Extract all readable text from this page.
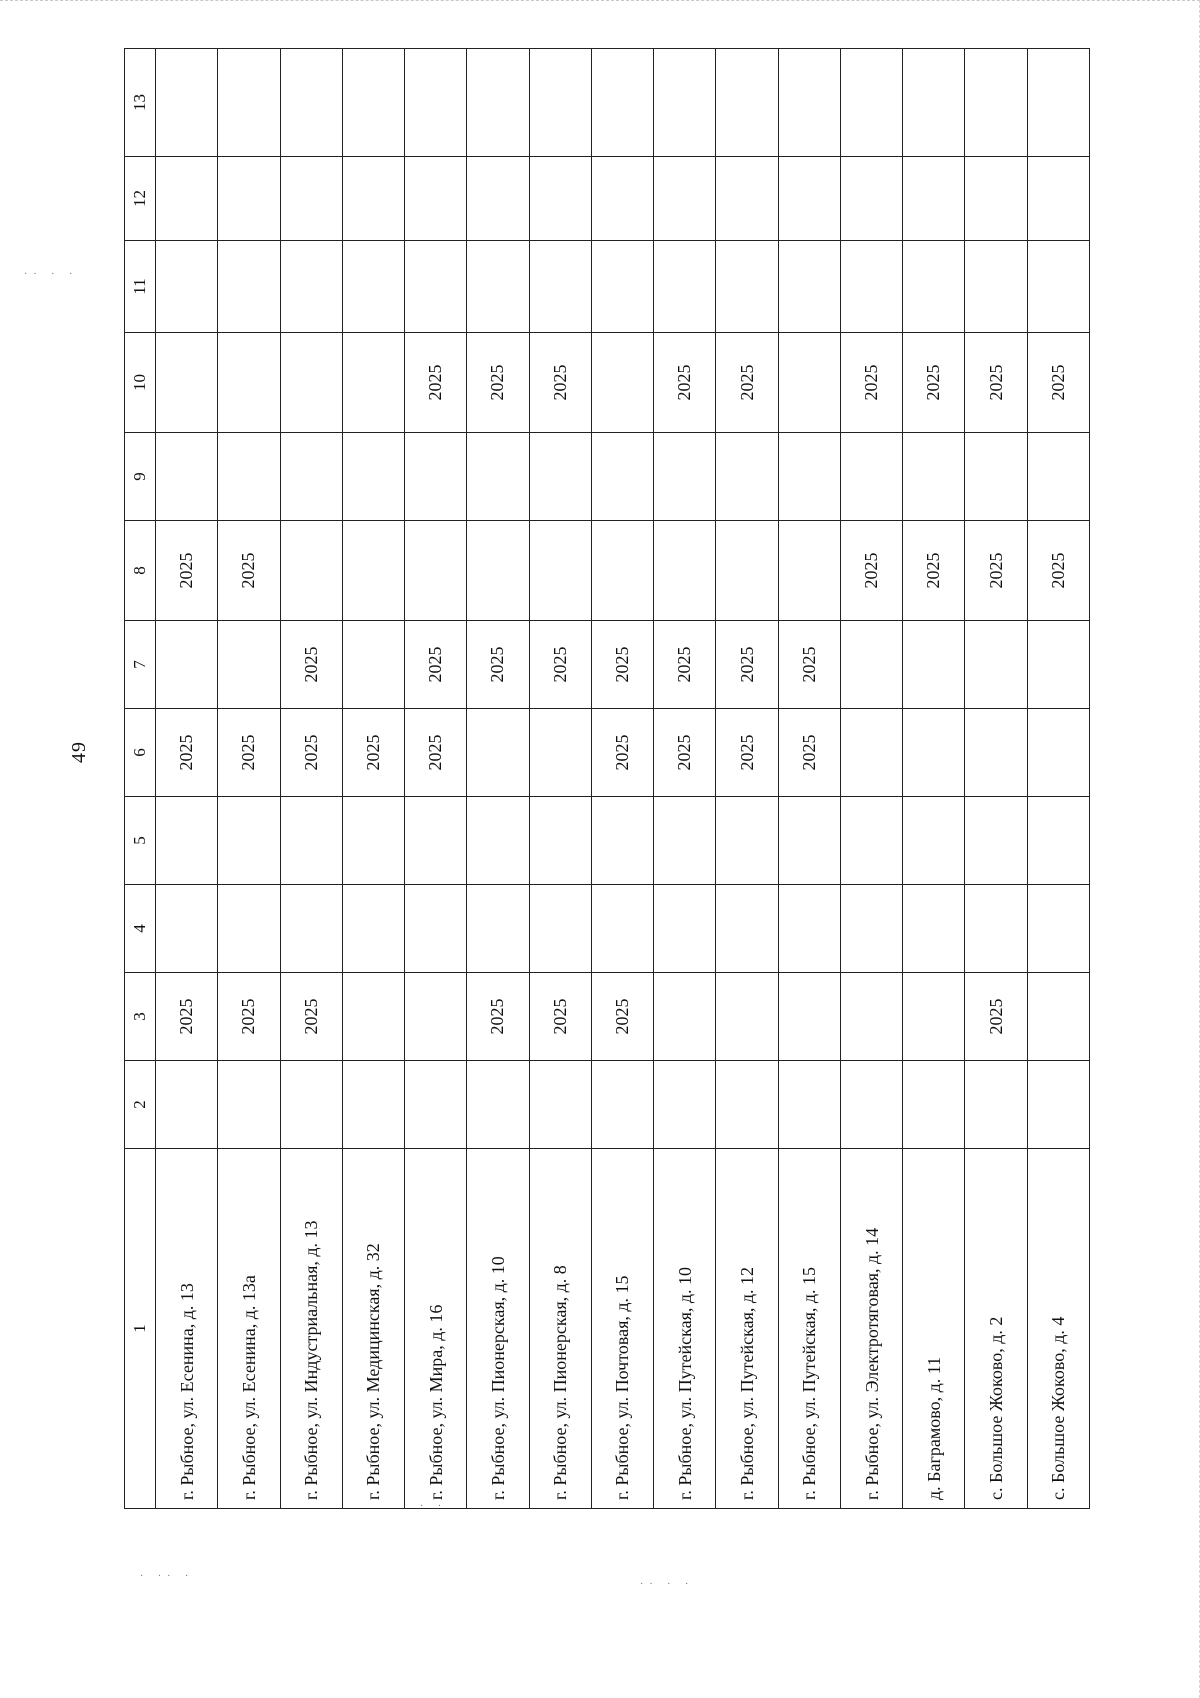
49
1	2	3	4	5	6	7	8	9	10	11	12	13
г. Рыбное, ул. Есенина, д. 13		2025			2025		2025					
г. Рыбное, ул. Есенина, д. 13а		2025			2025		2025					
г. Рыбное, ул. Индустриальная, д. 13		2025			2025	2025						
г. Рыбное, ул. Медицинская, д. 32					2025							
г. Рыбное, ул. Мира, д. 16					2025	2025			2025			
г. Рыбное, ул. Пионерская, д. 10		2025				2025			2025			
г. Рыбное, ул. Пионерская, д. 8		2025				2025			2025			
г. Рыбное, ул. Почтовая, д. 15		2025			2025	2025						
г. Рыбное, ул. Путейская, д. 10					2025	2025			2025			
г. Рыбное, ул. Путейская, д. 12					2025	2025			2025			
г. Рыбное, ул. Путейская, д. 15					2025	2025						
г. Рыбное, ул. Электротяговая, д. 14							2025		2025			
д. Баграмово, д. 11							2025		2025			
с. Большое Жоково, д. 2		2025					2025		2025			
с. Большое Жоково, д. 4							2025		2025			
·· · ·
· ·· ·
·· · ·
· ·
